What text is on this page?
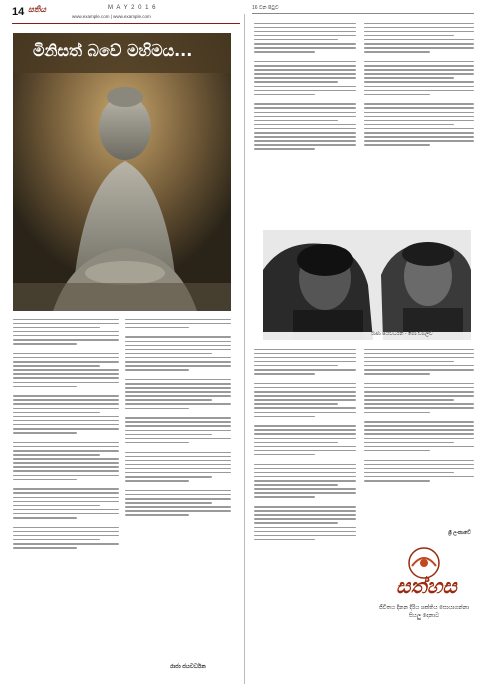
14 සතිය	M A Y 2 0 1 6
www.example.com | www.example.com
16 වන පිටුව
මිනිසත් බවේ මහිමය...
රාජා ජයවර්ධන
රාජා ජයවර්ධන - ගෝ ඩබ්ලිව්
ශ්‍රී ලංකාවේ
සත්හස
ජීවිතය දිනන දිරිය ශක්තිය සොයාගන්නා සියලු දෙනාට
